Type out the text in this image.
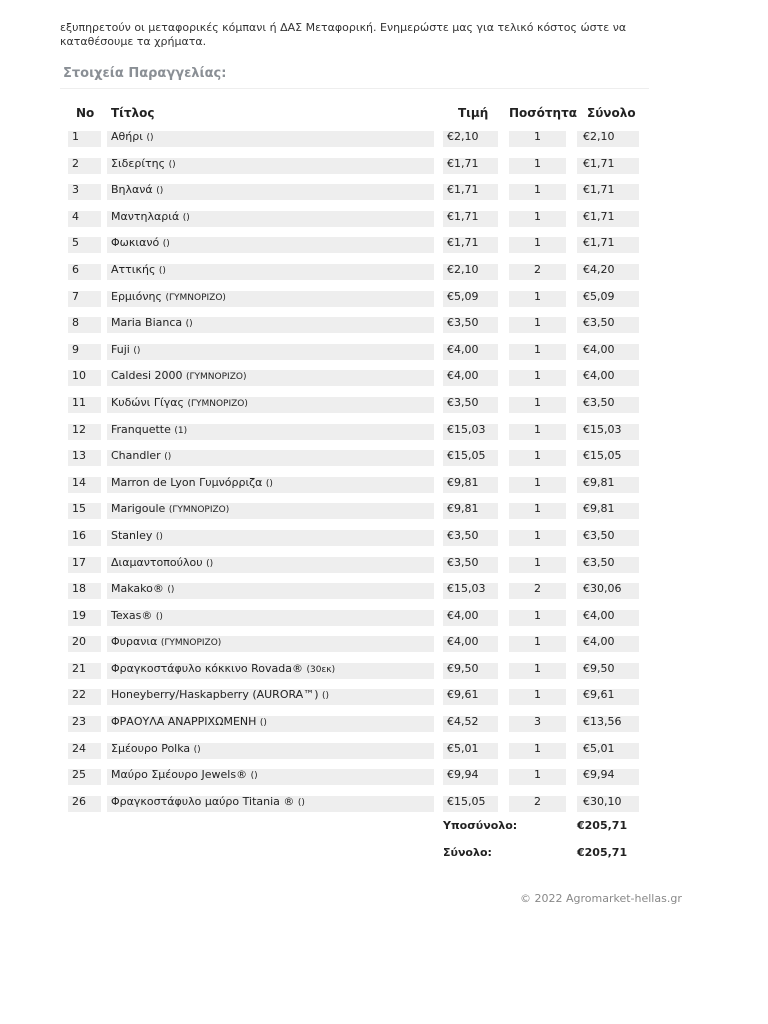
εξυπηρετούν οι μεταφορικές κόμπανι ή ΔΑΣ Μεταφορική. Ενημερώστε μας για τελικό κόστος ώστε να καταθέσουμε τα χρήματα.
Στοιχεία Παραγγελίας:
No Τίτλος	Τιμή Ποσότητα Σύνολο
1	Αθήρι ()	€2,10	1	€2,10
2	Σιδερίτης ()	€1,71	1	€1,71
3	Βηλανά ()	€1,71	1	€1,71
4	Μαντηλαριά ()	€1,71	1	€1,71
5	Φωκιανό ()	€1,71	1	€1,71
6	Αττικής ()	€2,10	2	€4,20
7	Ερμιόνης (ΓΥΜΝΟΡΙΖΟ)	€5,09	1	€5,09
8	Maria Bianca ()	€3,50	1	€3,50
9	Fuji ()	€4,00	1	€4,00
10	Caldesi 2000 (ΓΥΜΝΟΡΙΖΟ)	€4,00	1	€4,00
11	Κυδώνι Γίγας (ΓΥΜΝΟΡΙΖΟ)	€3,50	1	€3,50
12	Franquette (1)	€15,03	1	€15,03
13	Chandler ()	€15,05	1	€15,05
14	Marron de Lyon Γυμνόρριζα ()	€9,81	1	€9,81
15	Marigoule (ΓΥΜΝΟΡΙΖΟ)	€9,81	1	€9,81
16	Stanley ()	€3,50	1	€3,50
17	Διαμαντοπούλου ()	€3,50	1	€3,50
18	Makako® ()	€15,03	2	€30,06
19	Texas® ()	€4,00	1	€4,00
20	Φυρανια (ΓΥΜΝΟΡΙΖΟ)	€4,00	1	€4,00
21	Φραγκοστάφυλο κόκκινο Rovada® (30εκ)	€9,50	1	€9,50
22	Honeyberry/Haskapberry (AURORA™) ()	€9,61	1	€9,61
23	ΦΡΑΟΥΛΑ ΑΝΑΡΡΙΧΩΜΕΝΗ ()	€4,52	3	€13,56
24	Σμέουρο Polka ()	€5,01	1	€5,01
25	Μαύρο Σμέουρο Jewels® ()	€9,94	1	€9,94
26	Φραγκοστάφυλο μαύρο Titania ® ()	€15,05	2	€30,10
Υποσύνολο:	€205,71
Σύνολο:	€205,71
© 2022 Agromarket-hellas.gr
